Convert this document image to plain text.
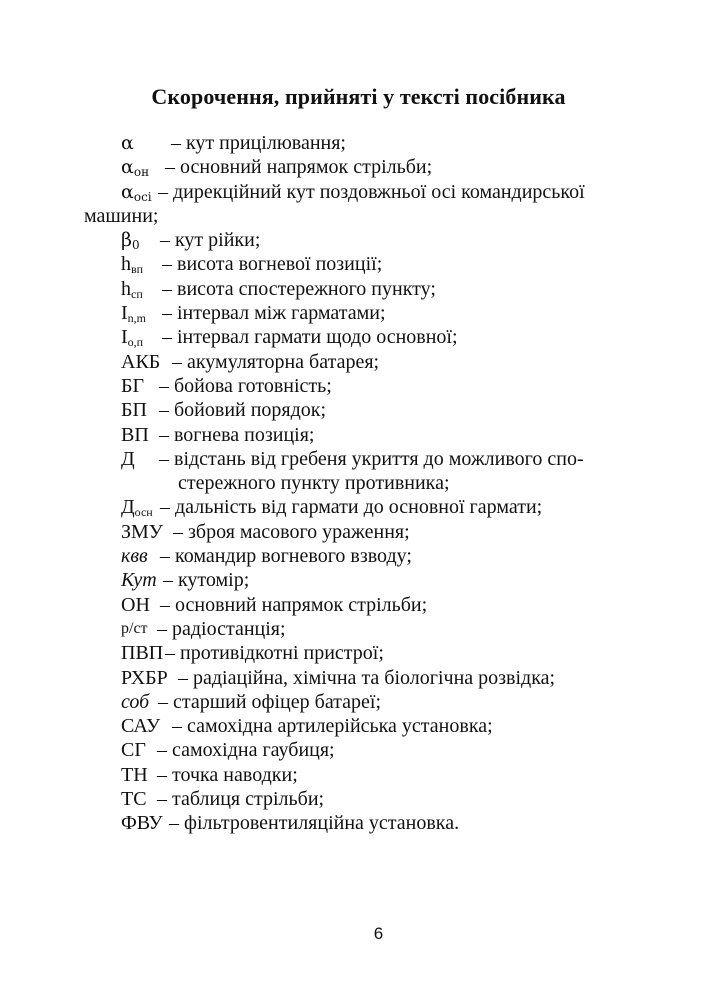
Скорочення, прийняті у тексті посібника
α – кут прицілювання;
$\alpha_{он}$ – основний напрямок стрільби;
$\alpha_{осі}$ – дирекційний кут поздовжньої осі командирської
машини;
$\beta_0$ – кут рійки;
$h_{вп}$ – висота вогневої позиції;
$h_{сп}$ – висота спостережного пункту;
$I_{n,m}$ – інтервал між гарматами;
$I_{о,п}$ – інтервал гармати щодо основної;
АКБ – акумуляторна батарея;
БГ – бойова готовність;
БП – бойовий порядок;
ВП – вогнева позиція;
Д – відстань від гребеня укриття до можливого спо-
стережного пункту противника;
$Д_{осн}$ – дальність від гармати до основної гармати;
ЗМУ – зброя масового ураження;
квв – командир вогневого взводу;
Кут – кутомір;
ОН – основний напрямок стрільби;
р/ст – радіостанція;
ПВП – противідкотні пристрої;
РХБР – радіаційна, хімічна та біологічна розвідка;
соб – старший офіцер батареї;
САУ – самохідна артилерійська установка;
СГ – самохідна гаубиця;
ТН – точка наводки;
ТС – таблиця стрільби;
ФВУ – фільтровентиляційна установка.
6
